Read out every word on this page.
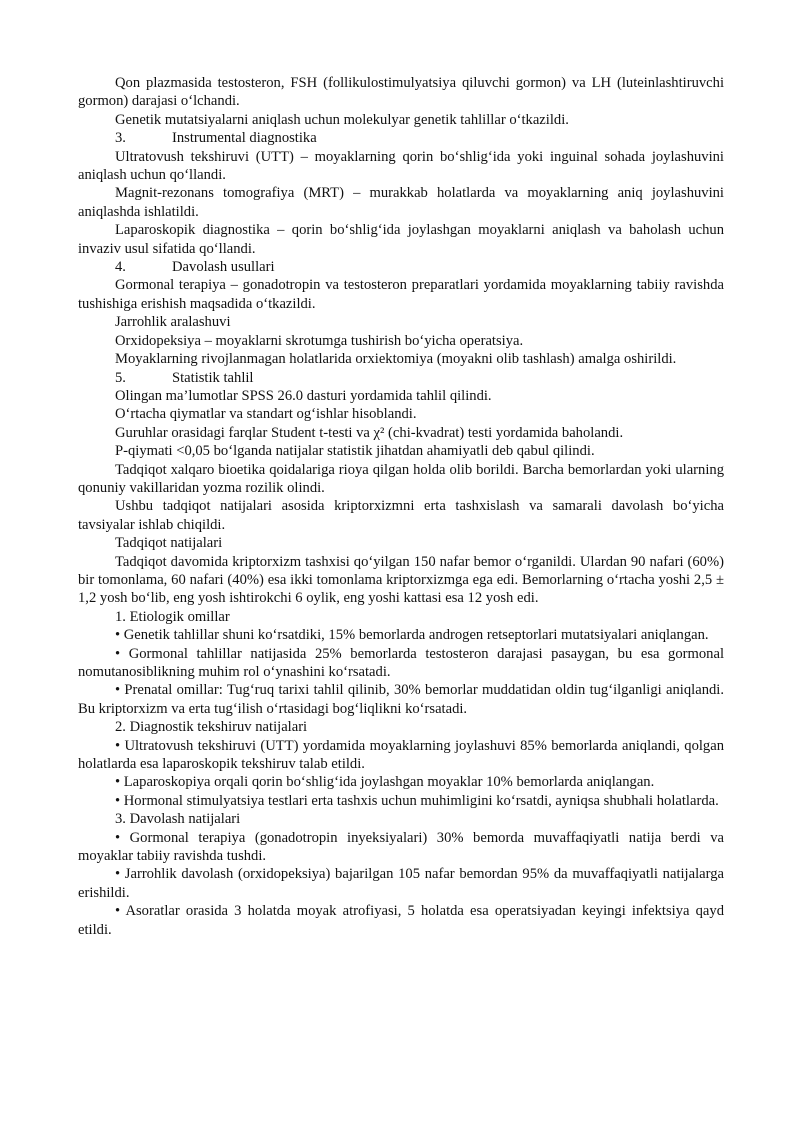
Qon plazmasida testosteron, FSH (follikulostimulyatsiya qiluvchi gormon) va LH (luteinlashtiruvchi gormon) darajasi o‘lchandi.

Genetik mutatsiyalarni aniqlash uchun molekulyar genetik tahlillar o‘tkazildi.

3.	Instrumental diagnostika

Ultratovush tekshiruvi (UTT) – moyaklarning qorin bo‘shlig‘ida yoki inguinal sohada joylashuvini aniqlash uchun qo‘llandi.

Magnit-rezonans tomografiya (MRT) – murakkab holatlarda va moyaklarning aniq joylashuvini aniqlashda ishlatildi.

Laparoskopik diagnostika – qorin bo‘shlig‘ida joylashgan moyaklarni aniqlash va baholash uchun invaziv usul sifatida qo‘llandi.

4.	Davolash usullari

Gormonal terapiya – gonadotropin va testosteron preparatlari yordamida moyaklarning tabiiy ravishda tushishiga erishish maqsadida o‘tkazildi.

Jarrohlik aralashuvi

Orxidopeksiya – moyaklarni skrotumga tushirish bo‘yicha operatsiya.

Moyaklarning rivojlanmagan holatlarida orxiektomiya (moyakni olib tashlash) amalga oshirildi.

5.	Statistik tahlil

Olingan ma’lumotlar SPSS 26.0 dasturi yordamida tahlil qilindi.

O‘rtacha qiymatlar va standart og‘ishlar hisoblandi.

Guruhlar orasidagi farqlar Student t-testi va χ² (chi-kvadrat) testi yordamida baholandi.

P-qiymati <0,05 bo‘lganda natijalar statistik jihatdan ahamiyatli deb qabul qilindi.

Tadqiqot xalqaro bioetika qoidalariga rioya qilgan holda olib borildi. Barcha bemorlardan yoki ularning qonuniy vakillaridan yozma rozilik olindi.

Ushbu tadqiqot natijalari asosida kriptorxizmni erta tashxislash va samarali davolash bo‘yicha tavsiyalar ishlab chiqildi.

Tadqiqot natijalari

Tadqiqot davomida kriptorxizm tashxisi qo‘yilgan 150 nafar bemor o‘rganildi. Ulardan 90 nafari (60%) bir tomonlama, 60 nafari (40%) esa ikki tomonlama kriptorxizmga ega edi. Bemorlarning o‘rtacha yoshi 2,5 ± 1,2 yosh bo‘lib, eng yosh ishtirokchi 6 oylik, eng yoshi kattasi esa 12 yosh edi.

1. Etiologik omillar

• Genetik tahlillar shuni ko‘rsatdiki, 15% bemorlarda androgen retseptorlari mutatsiyalari aniqlangan.

• Gormonal tahlillar natijasida 25% bemorlarda testosteron darajasi pasaygan, bu esa gormonal nomutanosiblikning muhim rol o‘ynashini ko‘rsatadi.

• Prenatal omillar: Tug‘ruq tarixi tahlil qilinib, 30% bemorlar muddatidan oldin tug‘ilganligi aniqlandi. Bu kriptorxizm va erta tug‘ilish o‘rtasidagi bog‘liqlikni ko‘rsatadi.

2. Diagnostik tekshiruv natijalari

• Ultratovush tekshiruvi (UTT) yordamida moyaklarning joylashuvi 85% bemorlarda aniqlandi, qolgan holatlarda esa laparoskopik tekshiruv talab etildi.

• Laparoskopiya orqali qorin bo‘shlig‘ida joylashgan moyaklar 10% bemorlarda aniqlangan.

• Hormonal stimulyatsiya testlari erta tashxis uchun muhimligini ko‘rsatdi, ayniqsa shubhali holatlarda.

3. Davolash natijalari

• Gormonal terapiya (gonadotropin inyeksiyalari) 30% bemorda muvaffaqiyatli natija berdi va moyaklar tabiiy ravishda tushdi.

• Jarrohlik davolash (orxidopeksiya) bajarilgan 105 nafar bemordan 95% da muvaffaqiyatli natijalarga erishildi.

• Asoratlar orasida 3 holatda moyak atrofiyasi, 5 holatda esa operatsiyadan keyingi infektsiya qayd etildi.
